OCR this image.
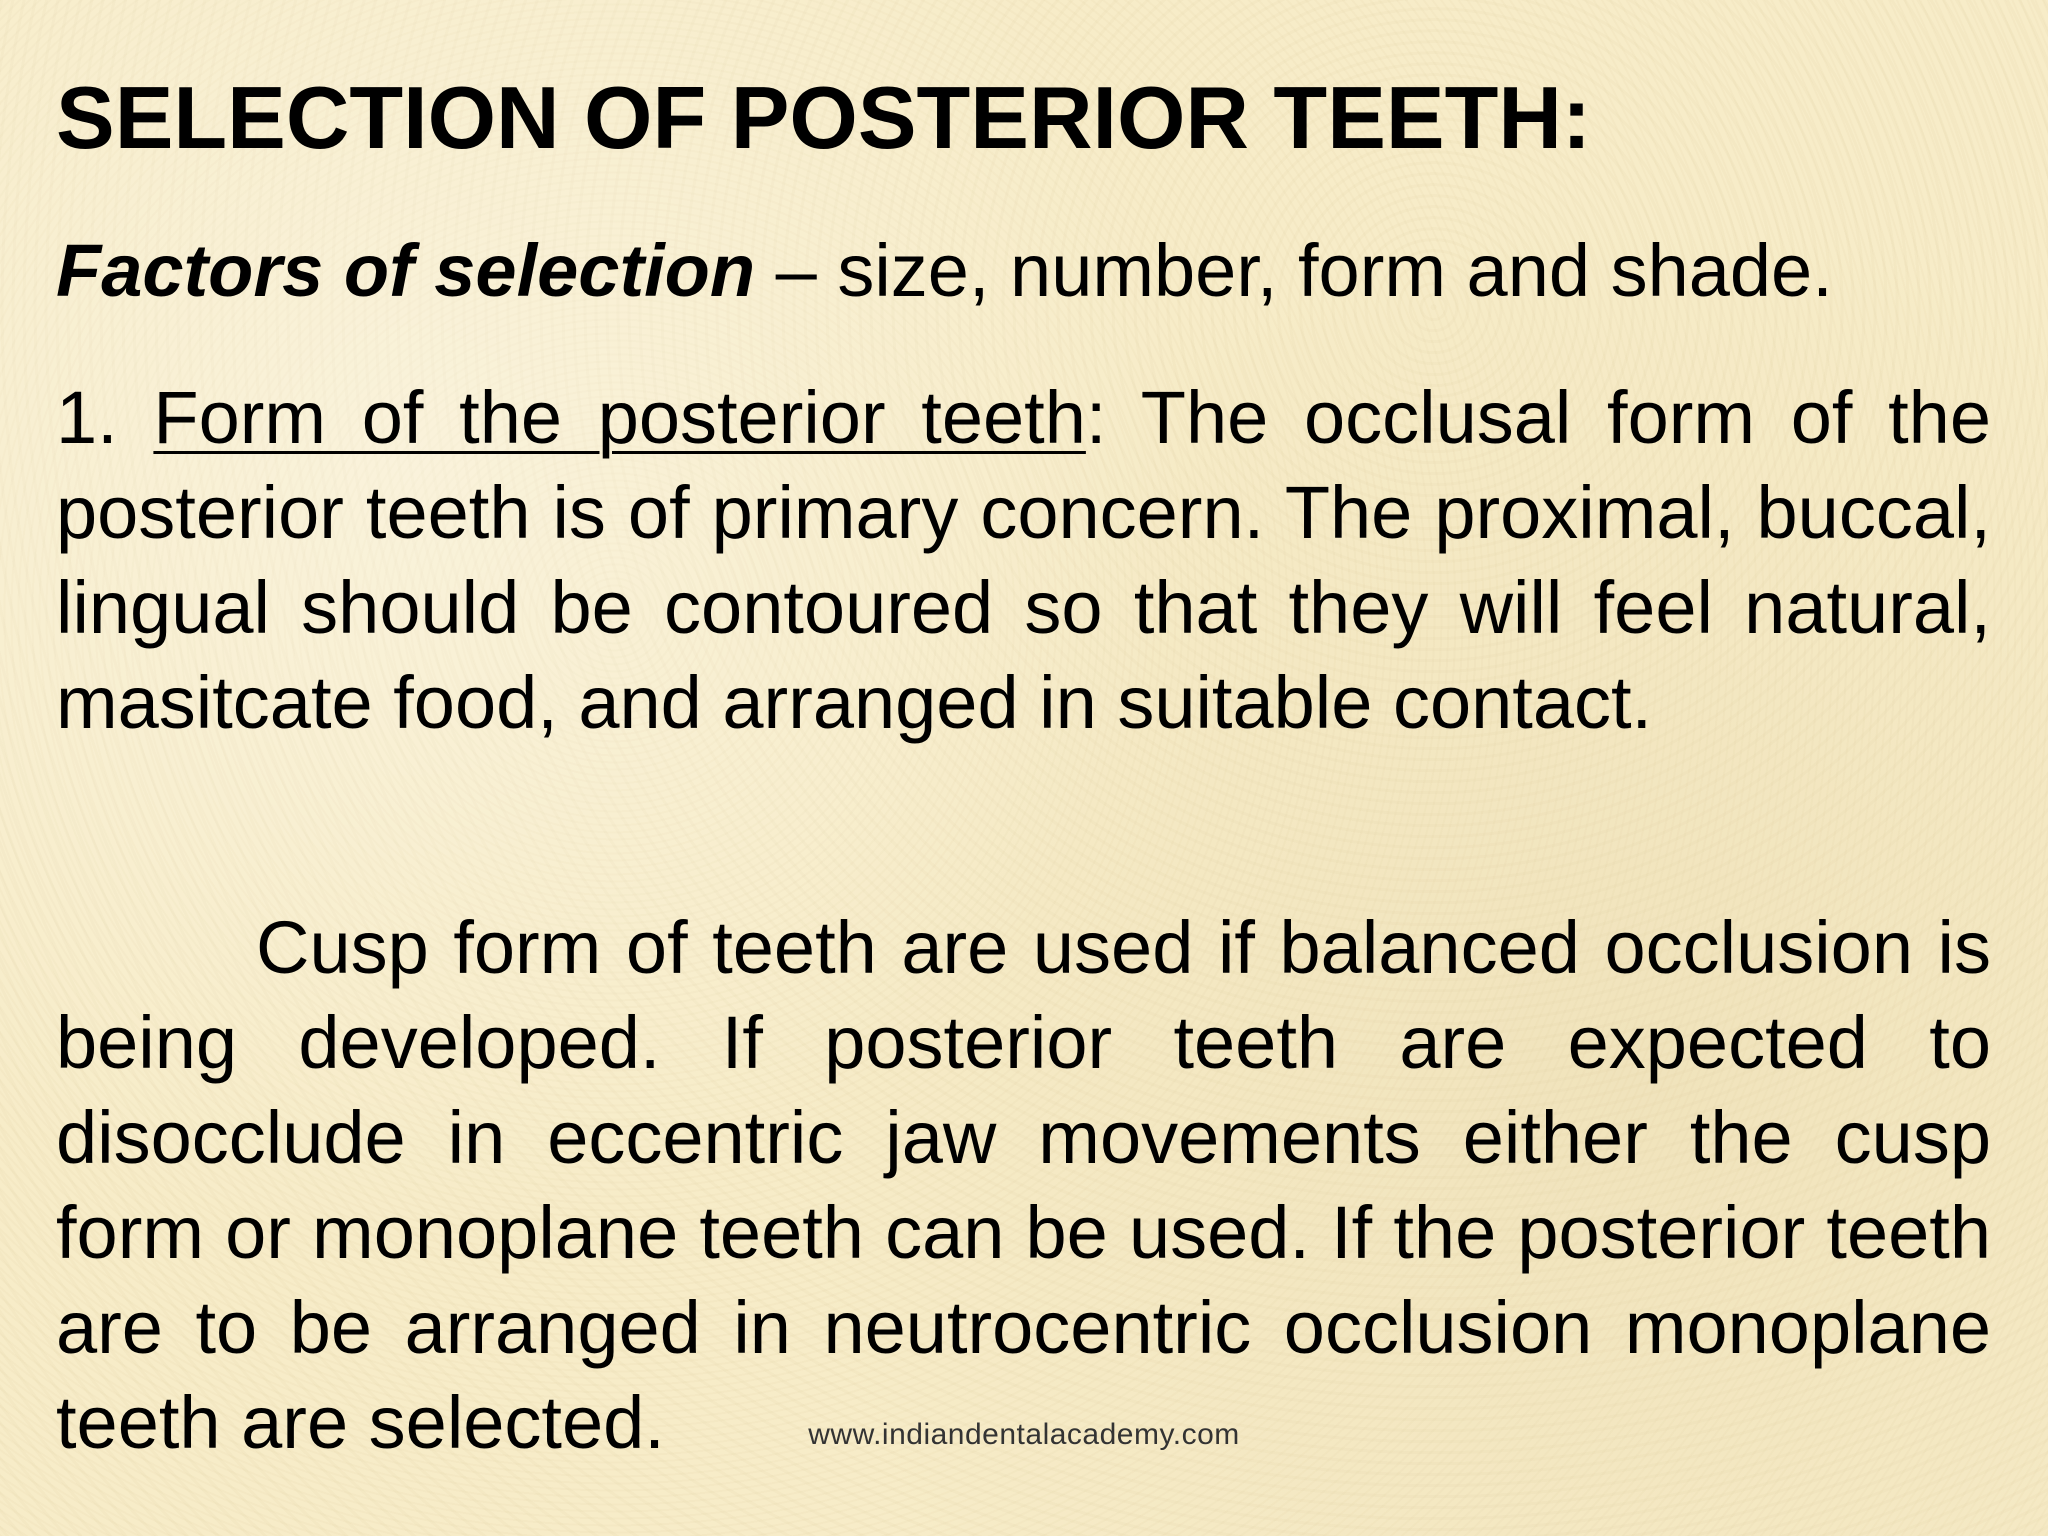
SELECTION OF POSTERIOR TEETH:

Factors of selection – size, number, form and shade.

1. Form of the posterior teeth: The occlusal form of the posterior teeth is of primary concern. The proximal, buccal, lingual should be contoured so that they will feel natural, masitcate food, and arranged in suitable contact.

Cusp form of teeth are used if balanced occlusion is being developed. If posterior teeth are expected to disocclude in eccentric jaw movements either the cusp form or monoplane teeth can be used. If the posterior teeth are to be arranged in neutrocentric occlusion monoplane teeth are selected.	www.indiandentalacademy.com
